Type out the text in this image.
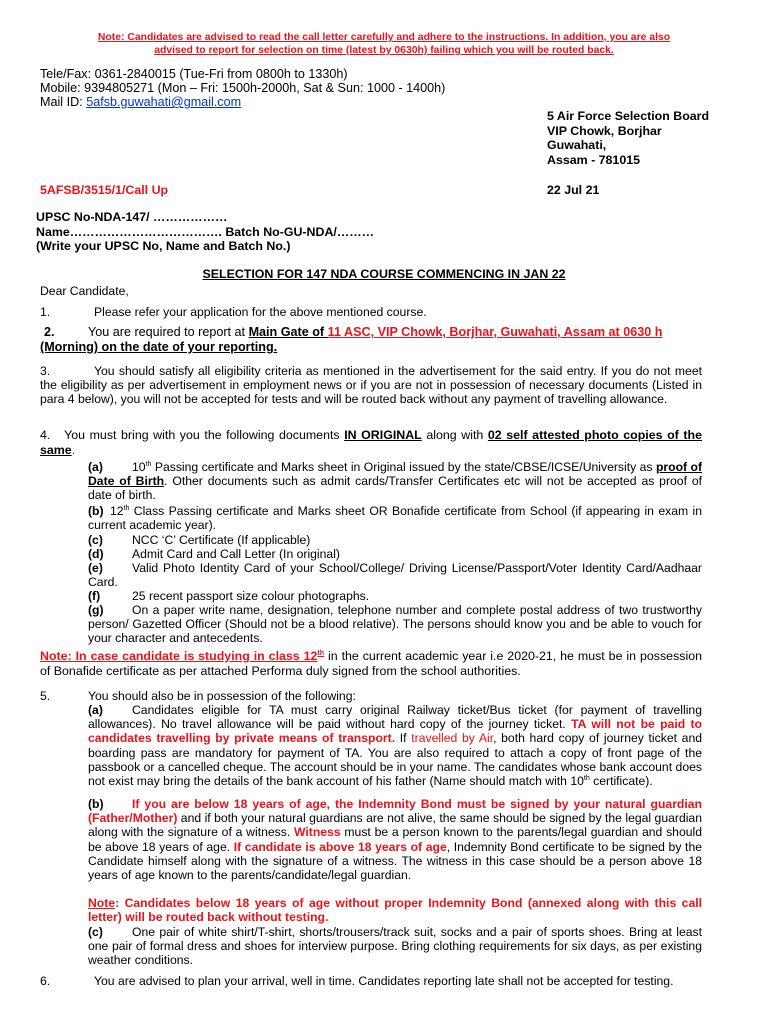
Note: Candidates are advised to read the call letter carefully and adhere to the instructions. In addition, you are also
advised to report for selection on time (latest by 0630h) failing which you will be routed back.
Tele/Fax: 0361-2840015 (Tue-Fri from 0800h to 1330h)
Mobile: 9394805271 (Mon – Fri: 1500h-2000h, Sat & Sun: 1000 - 1400h)
Mail ID: 5afsb.guwahati@gmail.com
5 Air Force Selection Board
VIP Chowk, Borjhar
Guwahati,
Assam - 781015
5AFSB/3515/1/Call Up	22 Jul 21
UPSC No-NDA-147/ ………………
Name………………………………. Batch No-GU-NDA/………
(Write your UPSC No, Name and Batch No.)
SELECTION FOR 147 NDA COURSE COMMENCING IN JAN 22
Dear Candidate,
1.	Please refer your application for the above mentioned course.
2.	You are required to report at Main Gate of 11 ASC, VIP Chowk, Borjhar, Guwahati, Assam at 0630 h
(Morning) on the date of your reporting.
3.	You should satisfy all eligibility criteria as mentioned in the advertisement for the said entry. If you do not meet the eligibility as per advertisement in employment news or if you are not in possession of necessary documents (Listed in para 4 below), you will not be accepted for tests and will be routed back without any payment of travelling allowance.
4. You must bring with you the following documents IN ORIGINAL along with 02 self attested photo copies of the same.
(a) 10th Passing certificate and Marks sheet in Original issued by the state/CBSE/ICSE/University as proof of Date of Birth. Other documents such as admit cards/Transfer Certificates etc will not be accepted as proof of date of birth.
(b) 12th Class Passing certificate and Marks sheet OR Bonafide certificate from School (if appearing in exam in current academic year).
(c) NCC ‘C’ Certificate (If applicable)
(d) Admit Card and Call Letter (In original)
(e) Valid Photo Identity Card of your School/College/ Driving License/Passport/Voter Identity Card/Aadhaar Card.
(f)	25 recent passport size colour photographs.
(g) On a paper write name, designation, telephone number and complete postal address of two trustworthy person/ Gazetted Officer (Should not be a blood relative). The persons should know you and be able to vouch for your character and antecedents.
Note: In case candidate is studying in class 12th in the current academic year i.e 2020-21, he must be in possession of Bonafide certificate as per attached Performa duly signed from the school authorities.
5.	You should also be in possession of the following:
(a) Candidates eligible for TA must carry original Railway ticket/Bus ticket (for payment of travelling allowances). No travel allowance will be paid without hard copy of the journey ticket. TA will not be paid to candidates travelling by private means of transport. If travelled by Air, both hard copy of journey ticket and boarding pass are mandatory for payment of TA. You are also required to attach a copy of front page of the passbook or a cancelled cheque. The account should be in your name. The candidates whose bank account does not exist may bring the details of the bank account of his father (Name should match with 10th certificate).
(b) If you are below 18 years of age, the Indemnity Bond must be signed by your natural guardian (Father/Mother) and if both your natural guardians are not alive, the same should be signed by the legal guardian along with the signature of a witness. Witness must be a person known to the parents/legal guardian and should be above 18 years of age. If candidate is above 18 years of age, Indemnity Bond certificate to be signed by the Candidate himself along with the signature of a witness. The witness in this case should be a person above 18 years of age known to the parents/candidate/legal guardian.
Note: Candidates below 18 years of age without proper Indemnity Bond (annexed along with this call letter) will be routed back without testing.
(c) One pair of white shirt/T-shirt, shorts/trousers/track suit, socks and a pair of sports shoes. Bring at least one pair of formal dress and shoes for interview purpose. Bring clothing requirements for six days, as per existing weather conditions.
6.	You are advised to plan your arrival, well in time. Candidates reporting late shall not be accepted for testing.
